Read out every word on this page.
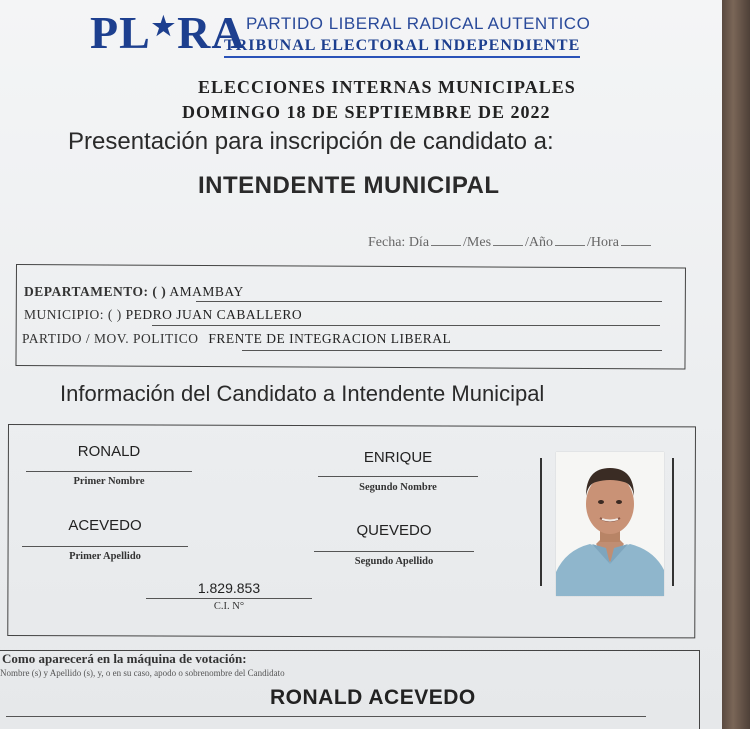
PL ★ RA PARTIDO LIBERAL RADICAL AUTENTICO
TRIBUNAL ELECTORAL INDEPENDIENTE
ELECCIONES INTERNAS MUNICIPALES
DOMINGO 18 DE SEPTIEMBRE DE 2022
Presentación para inscripción de candidato a:
INTENDENTE MUNICIPAL
Fecha: Día /Mes /Año /Hora
DEPARTAMENTO: ( ) AMAMBAY
MUNICIPIO: ( ) PEDRO JUAN CABALLERO
PARTIDO / MOV. POLITICO FRENTE DE INTEGRACION LIBERAL
Información del Candidato a Intendente Municipal
RONALD
Primer Nombre
ENRIQUE
Segundo Nombre
ACEVEDO
Primer Apellido
QUEVEDO
Segundo Apellido
1.829.853
C.I. N°
Como aparecerá en la máquina de votación:
Nombre (s) y Apellido (s), y, o en su caso, apodo o sobrenombre del Candidato
RONALD ACEVEDO
